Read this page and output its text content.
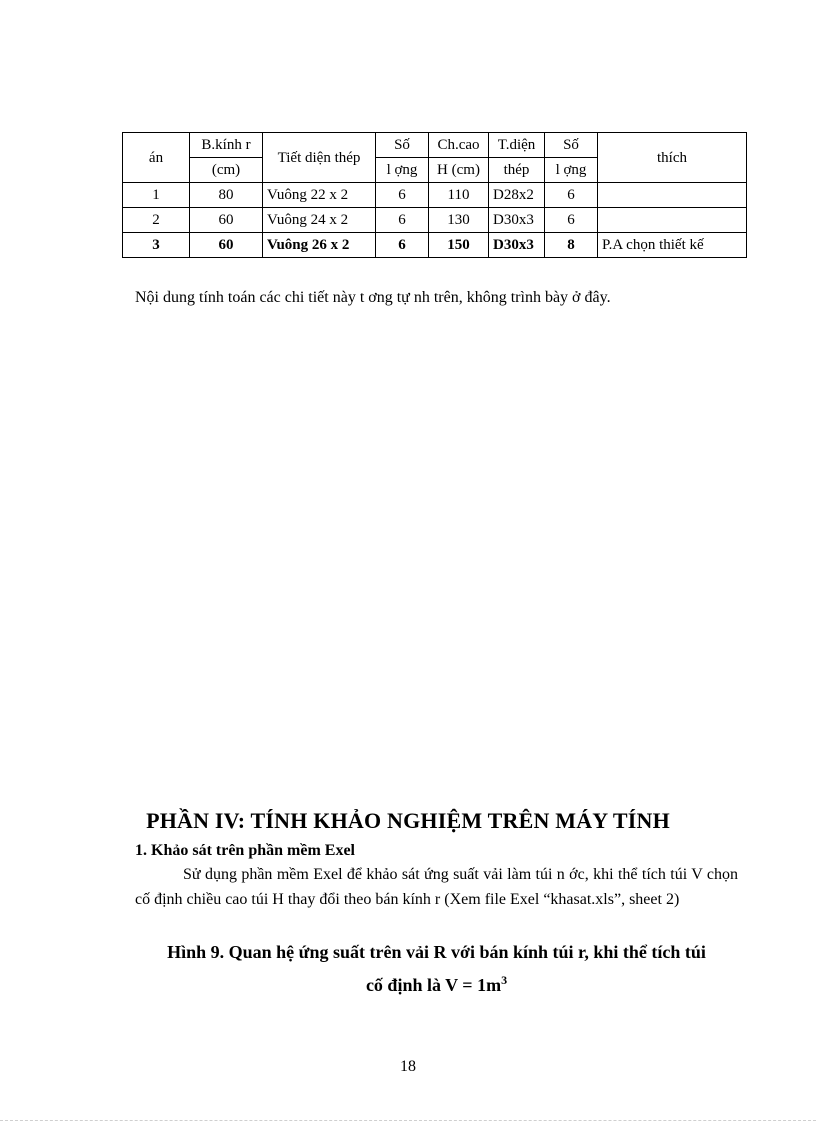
án	B.kính r	Tiết diện thép	Số	Ch.cao	T.diện	Số	thích
	(cm)		l ợng	H (cm)	thép	l ợng	
1	80	Vuông 22 x 2	6	110	D28x2	6	
2	60	Vuông 24 x 2	6	130	D30x3	6	
3	60	Vuông 26 x 2	6	150	D30x3	8	P.A chọn thiết kế
Nội dung tính toán các chi tiết này t ơng tự nh trên, không trình bày ở đây.
PHẦN IV: TÍNH KHẢO NGHIỆM TRÊN MÁY TÍNH
1. Khảo sát trên phần mềm Exel
Sử dụng phần mềm Exel để khảo sát ứng suất vải làm túi n ớc, khi thể tích túi V chọn cố định chiều cao túi H thay đổi theo bán kính r (Xem file Exel “khasat.xls”, sheet 2)
Hình 9. Quan hệ ứng suất trên vải R với bán kính túi r, khi thể tích túi
cố định là $V = 1m^3$
18
